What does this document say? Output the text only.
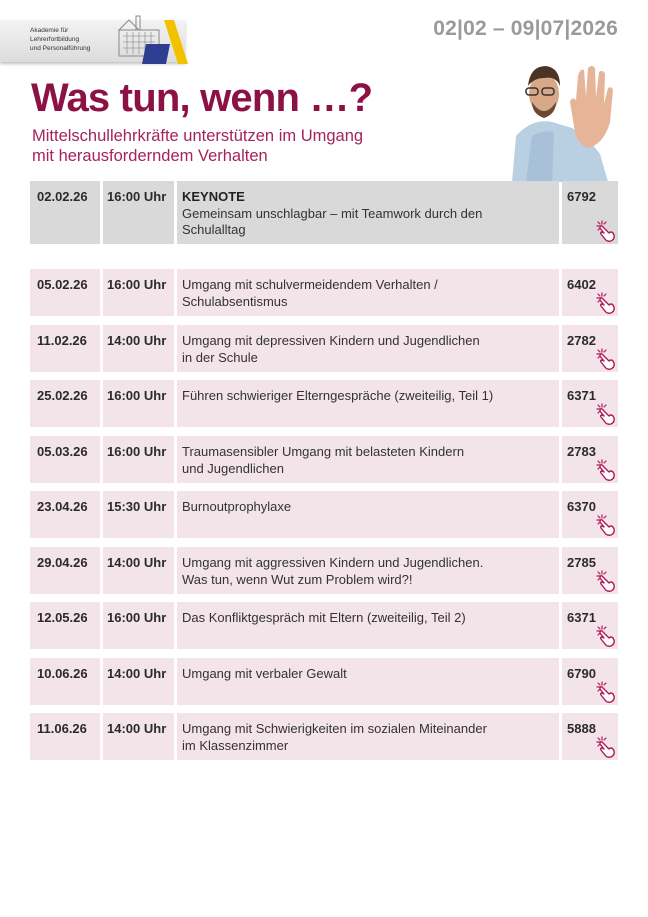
Akademie für
Lehrerfortbildung
und Personalführung
02|02 – 09|07|2026
Was tun, wenn …?
Mittelschullehrkräfte unterstützen im Umgang
mit herausforderndem Verhalten
02.02.26	16:00 Uhr	KEYNOTE
Gemeinsam unschlagbar – mit Teamwork durch den
Schulalltag
6792
05.02.26	16:00 Uhr	Umgang mit schulvermeidendem Verhalten /
Schulabsentismus
6402
11.02.26	14:00 Uhr	Umgang mit depressiven Kindern und Jugendlichen
in der Schule
2782
25.02.26	16:00 Uhr	Führen schwieriger Elterngespräche (zweiteilig, Teil 1)	6371
05.03.26	16:00 Uhr	Traumasensibler Umgang mit belasteten Kindern
und Jugendlichen
2783
23.04.26	15:30 Uhr	Burnoutprophylaxe	6370
29.04.26	14:00 Uhr	Umgang mit aggressiven Kindern und Jugendlichen.
Was tun, wenn Wut zum Problem wird?!
2785
12.05.26	16:00 Uhr	Das Konfliktgespräch mit Eltern (zweiteilig, Teil 2)	6371
10.06.26	14:00 Uhr	Umgang mit verbaler Gewalt	6790
11.06.26	14:00 Uhr	Umgang mit Schwierigkeiten im sozialen Miteinander
im Klassenzimmer
5888
